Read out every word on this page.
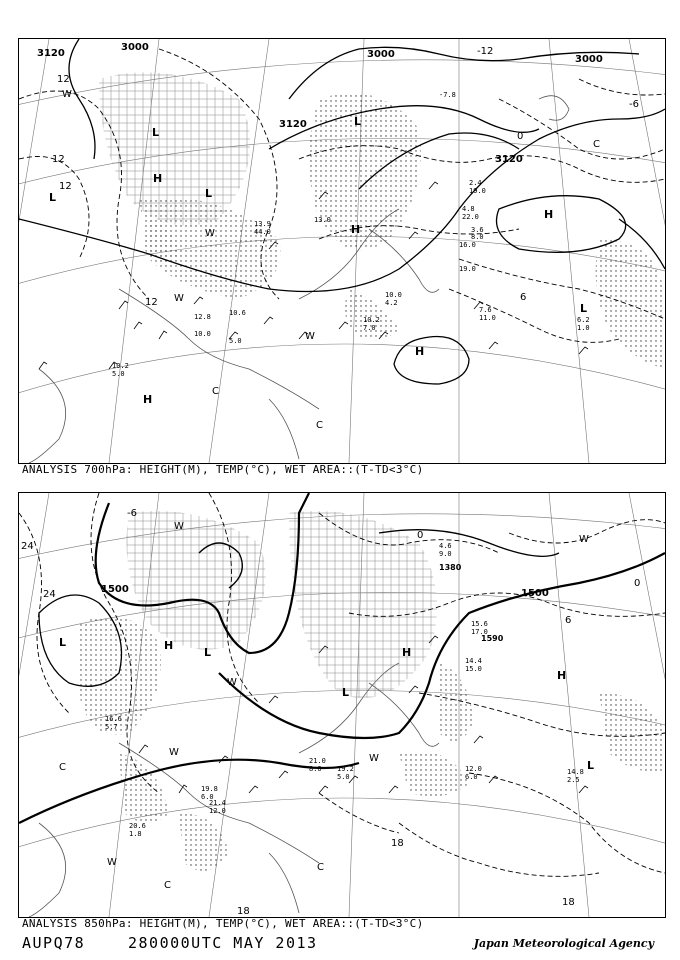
3120
3000
3000	3000
3120
3120
12
12
12
12
-12
-6
0
6
L
L
L
L
L
H
H
H
H
H
W
W
W
C
C
C
W
3.6
8.0
16.0
19.0
7.6
11.0	6.2
1.0
10.2
7.0
10.0
4.2
10.6
5.0
12.8
10.0
10.2
5.0
13.9
44.0
-7.8
13.0
2.4
19.0
4.8
22.0
ANALYSIS 700hPa: HEIGHT(M), TEMP(°C), WET AREA::(T-TD<3°C)
1500	1500
1380
1590
24
24
18
18
18
0
-6
0
6
L
L
L
L
H
H
H
W
W
W
W
C
C
C
W
W
15.6
17.0
14.4
15.0
12.0
6.0
14.8
2.5
19.2
5.0
21.4
12.0
20.6
1.8
19.8
6.0
21.0
8.0
16.6
5.7
4.6
9.0
ANALYSIS 850hPa: HEIGHT(M), TEMP(°C), WET AREA::(T-TD<3°C)
AUPQ78	280000UTC MAY 2013	Japan Meteorological Agency
